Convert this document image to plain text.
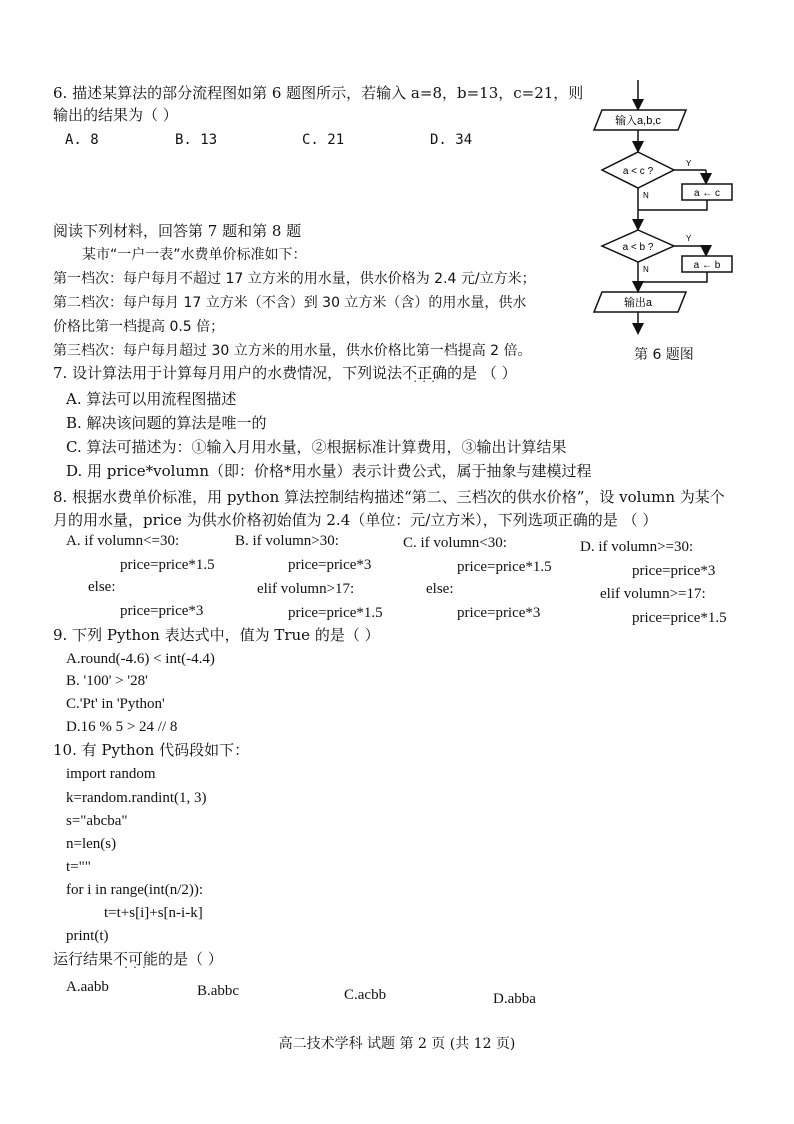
6. 描述某算法的部分流程图如第 6 题图所示，若输入 a=8，b=13，c=21，则
输出的结果为（ ）
A. 8	B. 13	C. 21	D. 34
输入a,b,c
a < c ?
Y
a ← c
N
a < b ?
Y
a ← b
N
输出a
第 6 题图
阅读下列材料，回答第 7 题和第 8 题
某市“一户一表”水费单价标准如下：
第一档次：每户每月不超过 17 立方米的用水量，供水价格为 2.4 元/立方米；
第二档次：每户每月 17 立方米（不含）到 30 立方米（含）的用水量，供水
价格比第一档提高 0.5 倍；
第三档次：每户每月超过 30 立方米的用水量，供水价格比第一档提高 2 倍。
7. 设计算法用于计算每月用户的水费情况，下列说法不正确 · · ·的是 （ ）
A. 算法可以用流程图描述
B. 解决该问题的算法是唯一的
C. 算法可描述为：①输入月用水量，②根据标准计算费用，③输出计算结果
D. 用 price*volumn（即：价格*用水量）表示计费公式，属于抽象与建模过程
8. 根据水费单价标准，用 python 算法控制结构描述“第二、三档次的供水价格”，设 volumn 为某个
月的用水量，price 为供水价格初始值为 2.4（单位：元/立方米），下列选项正确的是 （ ）
A. if volumn<=30:
price=price*1.5
else:
price=price*3
B. if volumn>30:
price=price*3
elif volumn>17:
price=price*1.5
C. if volumn<30:
price=price*1.5
else:
price=price*3
D. if volumn>=30:
price=price*3
elif volumn>=17:
price=price*1.5
9. 下列 Python 表达式中，值为 True 的是（ ）
A.round(-4.6) < int(-4.4)
B. '100' > '28'
C.'Pt' in 'Python'
D.16 % 5 > 24 // 8
10. 有 Python 代码段如下：
import random
k=random.randint(1, 3)
s="abcba"
n=len(s)
t=""
for i in range(int(n/2)):
t=t+s[i]+s[n-i-k]
print(t)
运行结果不可能 · · ·的是（ ）
A.aabb	B.abbc	C.acbb	D.abba
高二技术学科 试题 第 2 页 (共 12 页)
